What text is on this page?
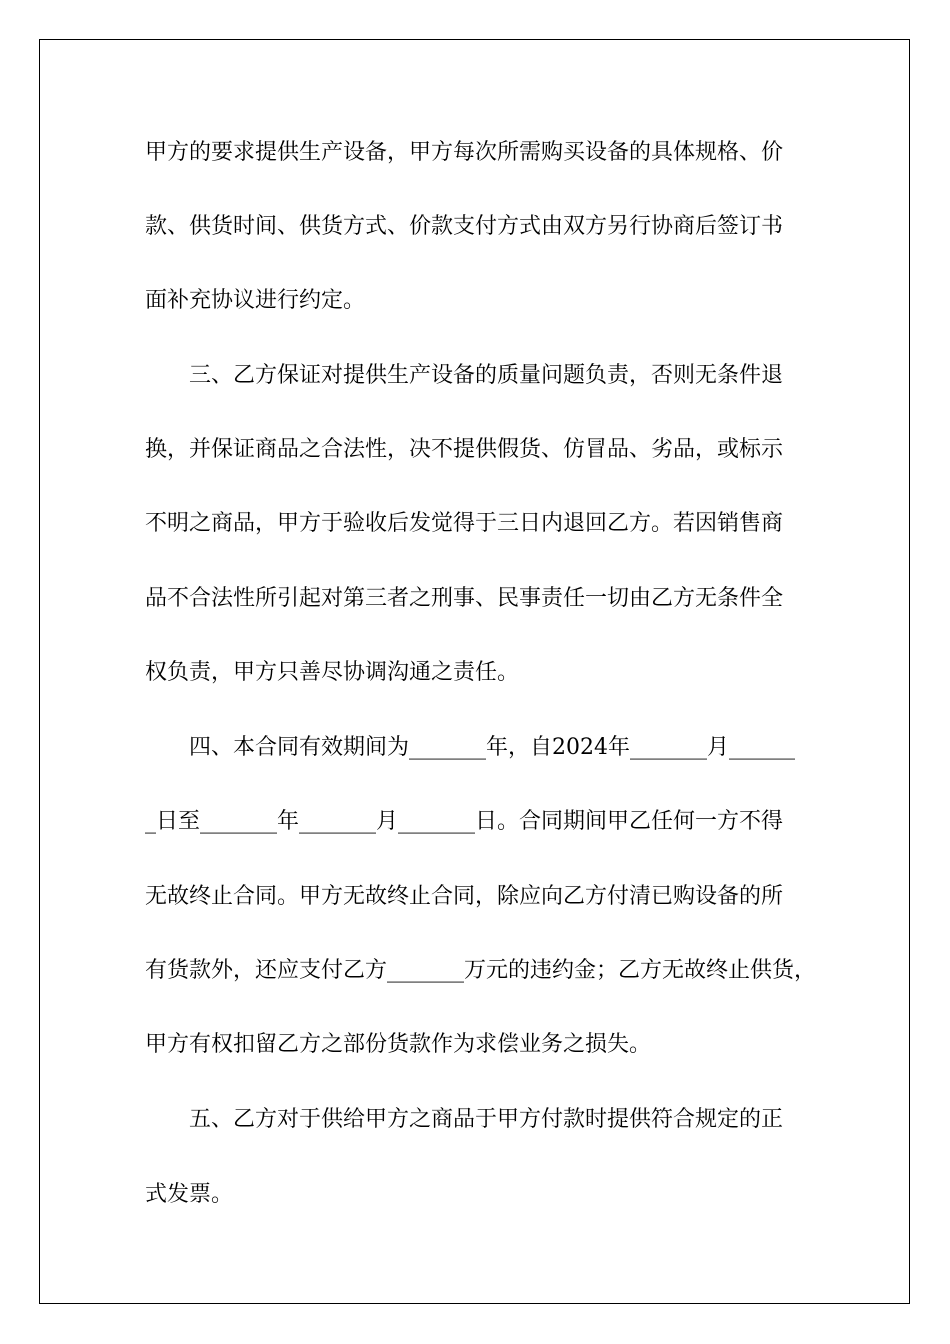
甲方的要求提供生产设备，甲方每次所需购买设备的具体规格、价
款、供货时间、供货方式、价款支付方式由双方另行协商后签订书
面补充协议进行约定。
　　三、乙方保证对提供生产设备的质量问题负责，否则无条件退
换，并保证商品之合法性，决不提供假货、仿冒品、劣品，或标示
不明之商品，甲方于验收后发觉得于三日内退回乙方。若因销售商
品不合法性所引起对第三者之刑事、民事责任一切由乙方无条件全
权负责，甲方只善尽协调沟通之责任。
　　四、本合同有效期间为_______年，自2024年_______月______
_日至_______年_______月_______日。合同期间甲乙任何一方不得
无故终止合同。甲方无故终止合同，除应向乙方付清已购设备的所
有货款外，还应支付乙方_______万元的违约金；乙方无故终止供货，
甲方有权扣留乙方之部份货款作为求偿业务之损失。
　　五、乙方对于供给甲方之商品于甲方付款时提供符合规定的正
式发票。
